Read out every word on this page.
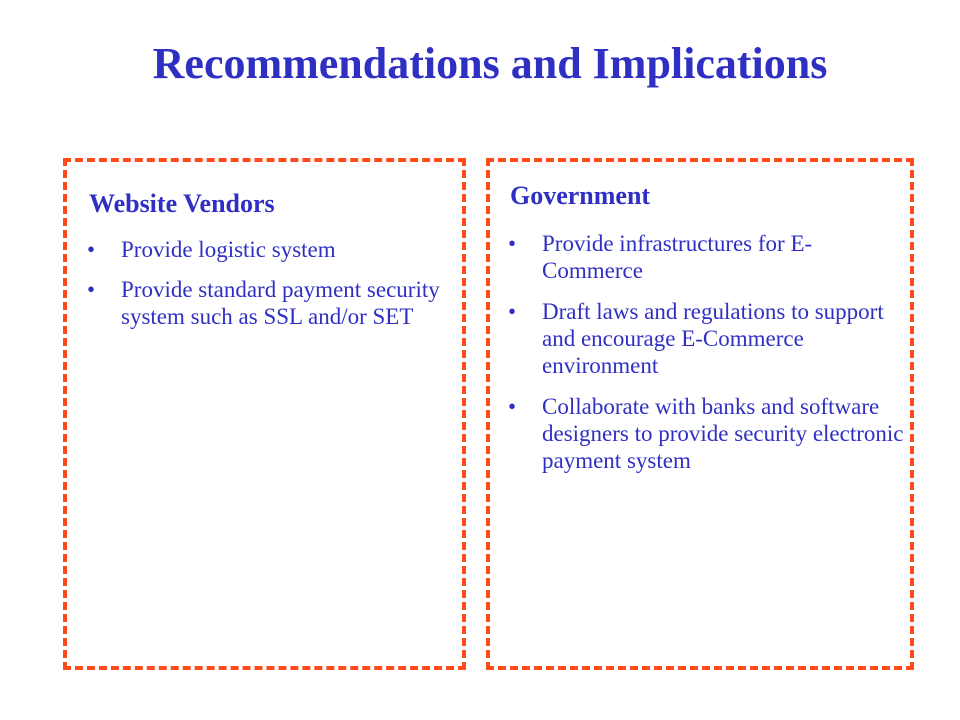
Recommendations and Implications
Website Vendors
•	Provide logistic system
•	Provide standard payment security system such as SSL and/or SET
Government
•	Provide infrastructures for E-Commerce
•	Draft laws and regulations to support and encourage E-Commerce environment
•	Collaborate with banks and software designers to provide security electronic payment system
